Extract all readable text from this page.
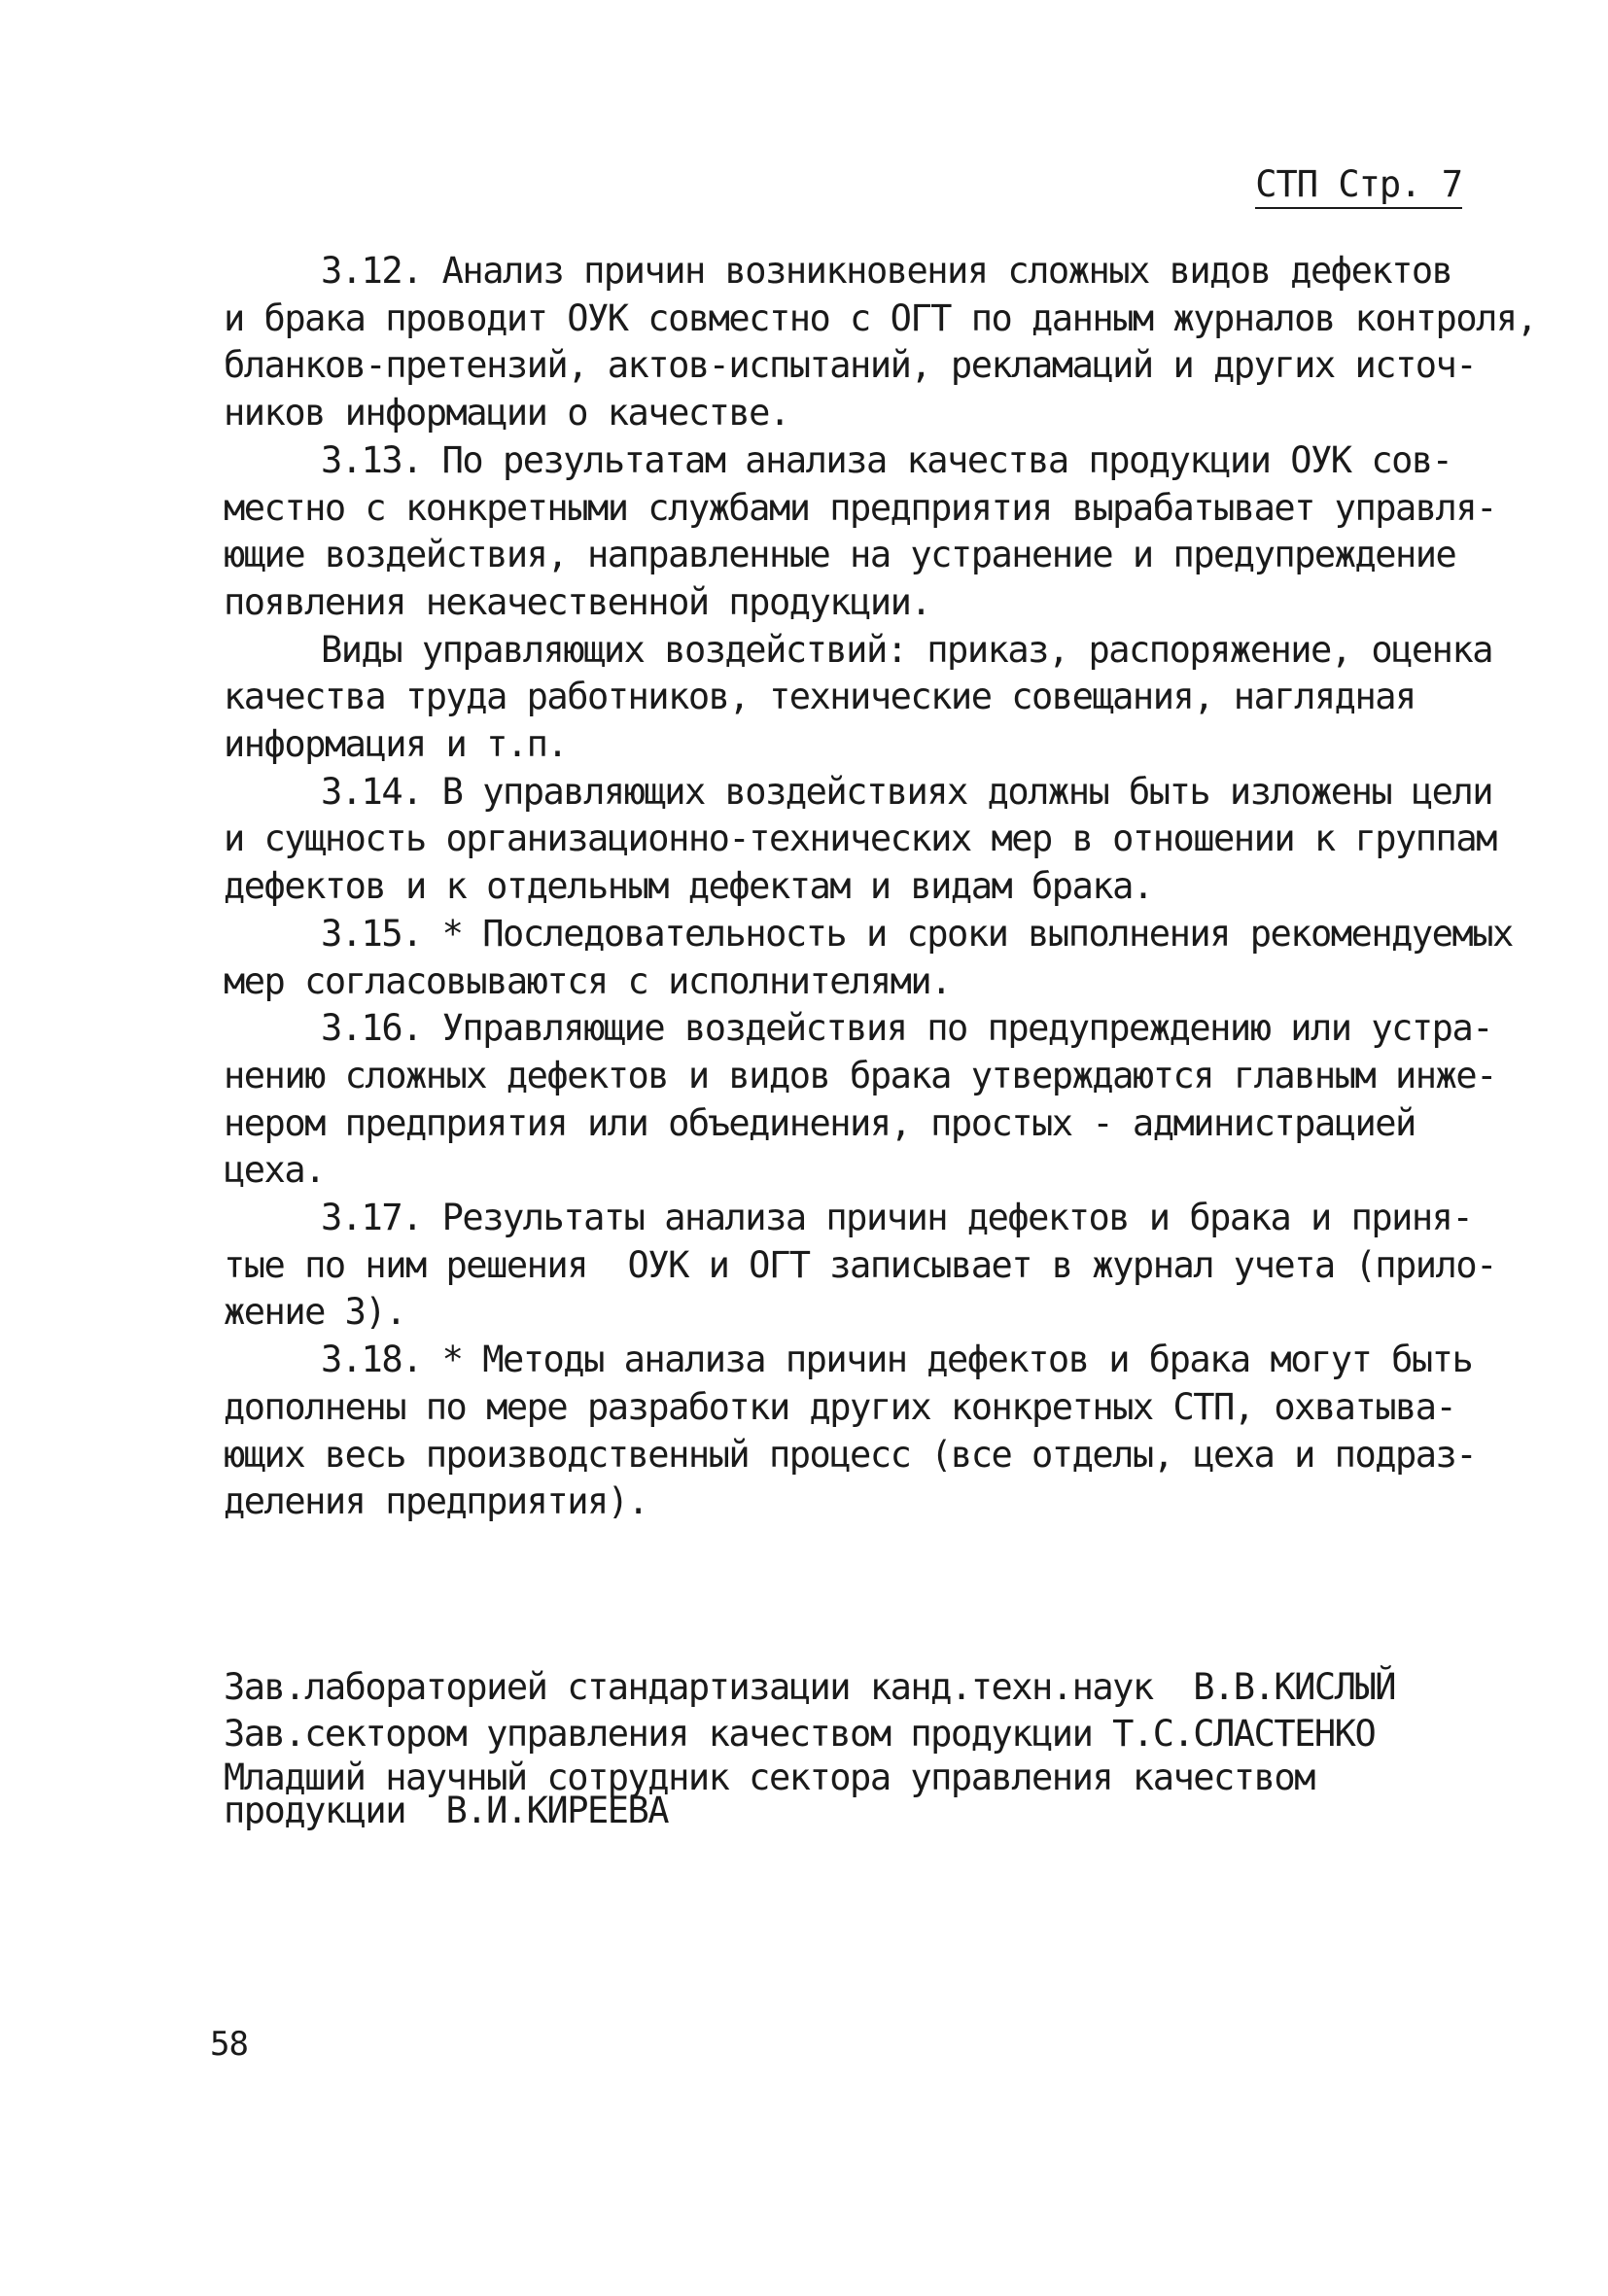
СТП Стр. 7
3.12. Анализ причин возникновения сложных видов дефектов
и брака проводит ОУК совместно с ОГТ по данным журналов контроля,
бланков-претензий, актов-испытаний, рекламаций и других источ-
ников информации о качестве.
3.13. По результатам анализа качества продукции ОУК сов-
местно с конкретными службами предприятия вырабатывает управля-
ющие воздействия, направленные на устранение и предупреждение
появления некачественной продукции.
Виды управляющих воздействий: приказ, распоряжение, оценка
качества труда работников, технические совещания, наглядная
информация и т.п.
3.14. В управляющих воздействиях должны быть изложены цели
и сущность организационно-технических мер в отношении к группам
дефектов и к отдельным дефектам и видам брака.
3.15. * Последовательность и сроки выполнения рекомендуемых
мер согласовываются с исполнителями.
3.16. Управляющие воздействия по предупреждению или устра-
нению сложных дефектов и видов брака утверждаются главным инже-
нером предприятия или объединения, простых - администрацией
цеха.
3.17. Результаты анализа причин дефектов и брака и приня-
тые по ним решения  ОУК и ОГТ записывает в журнал учета (прило-
жение 3).
3.18. * Методы анализа причин дефектов и брака могут быть
дополнены по мере разработки других конкретных СТП, охватыва-
ющих весь производственный процесс (все отделы, цеха и подраз-
деления предприятия).
Зав.лабораторией стандартизации канд.техн.наук  В.В.КИСЛЫЙ
Зав.сектором управления качеством продукции Т.С.СЛАСТЕНКО
Младший научный сотрудник сектора управления качеством
продукции  В.И.КИРЕЕВА
58
